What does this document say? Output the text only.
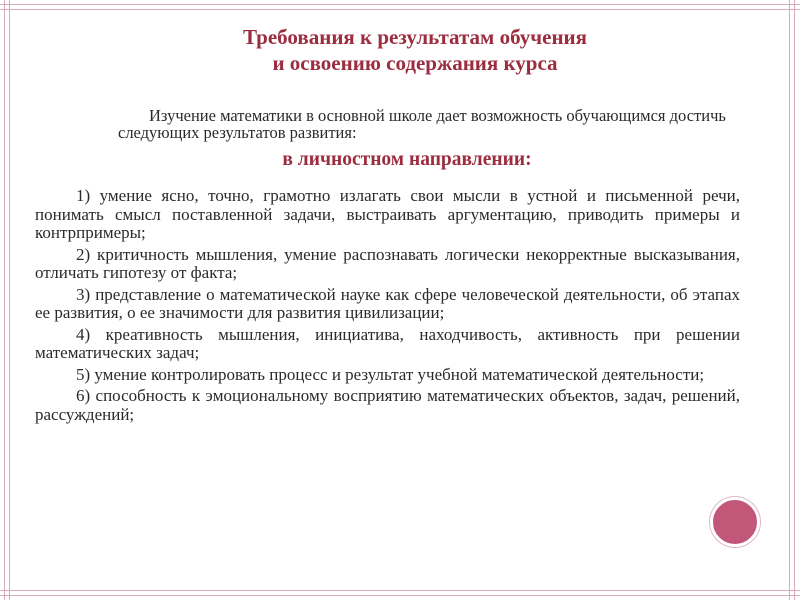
Требования к результатам обучения
и освоению содержания курса
Изучение математики в основной школе дает возможность обучающимся достичь следующих результатов развития:
в личностном направлении:

1) умение ясно, точно, грамотно излагать свои мысли в устной и письменной речи, понимать смысл поставленной задачи, выстраивать аргументацию, приводить примеры и контрпримеры;

2) критичность мышления, умение распознавать логически некорректные высказывания, отличать гипотезу от факта;

3) представление о математической науке как сфере человеческой деятельности, об этапах ее развития, о ее значимости для развития цивилизации;

4) креативность мышления, инициатива, находчивость, активность при решении математических задач;

5) умение контролировать процесс и результат учебной математической деятельности;

6) способность к эмоциональному восприятию математических объектов, задач, решений, рассуждений;
